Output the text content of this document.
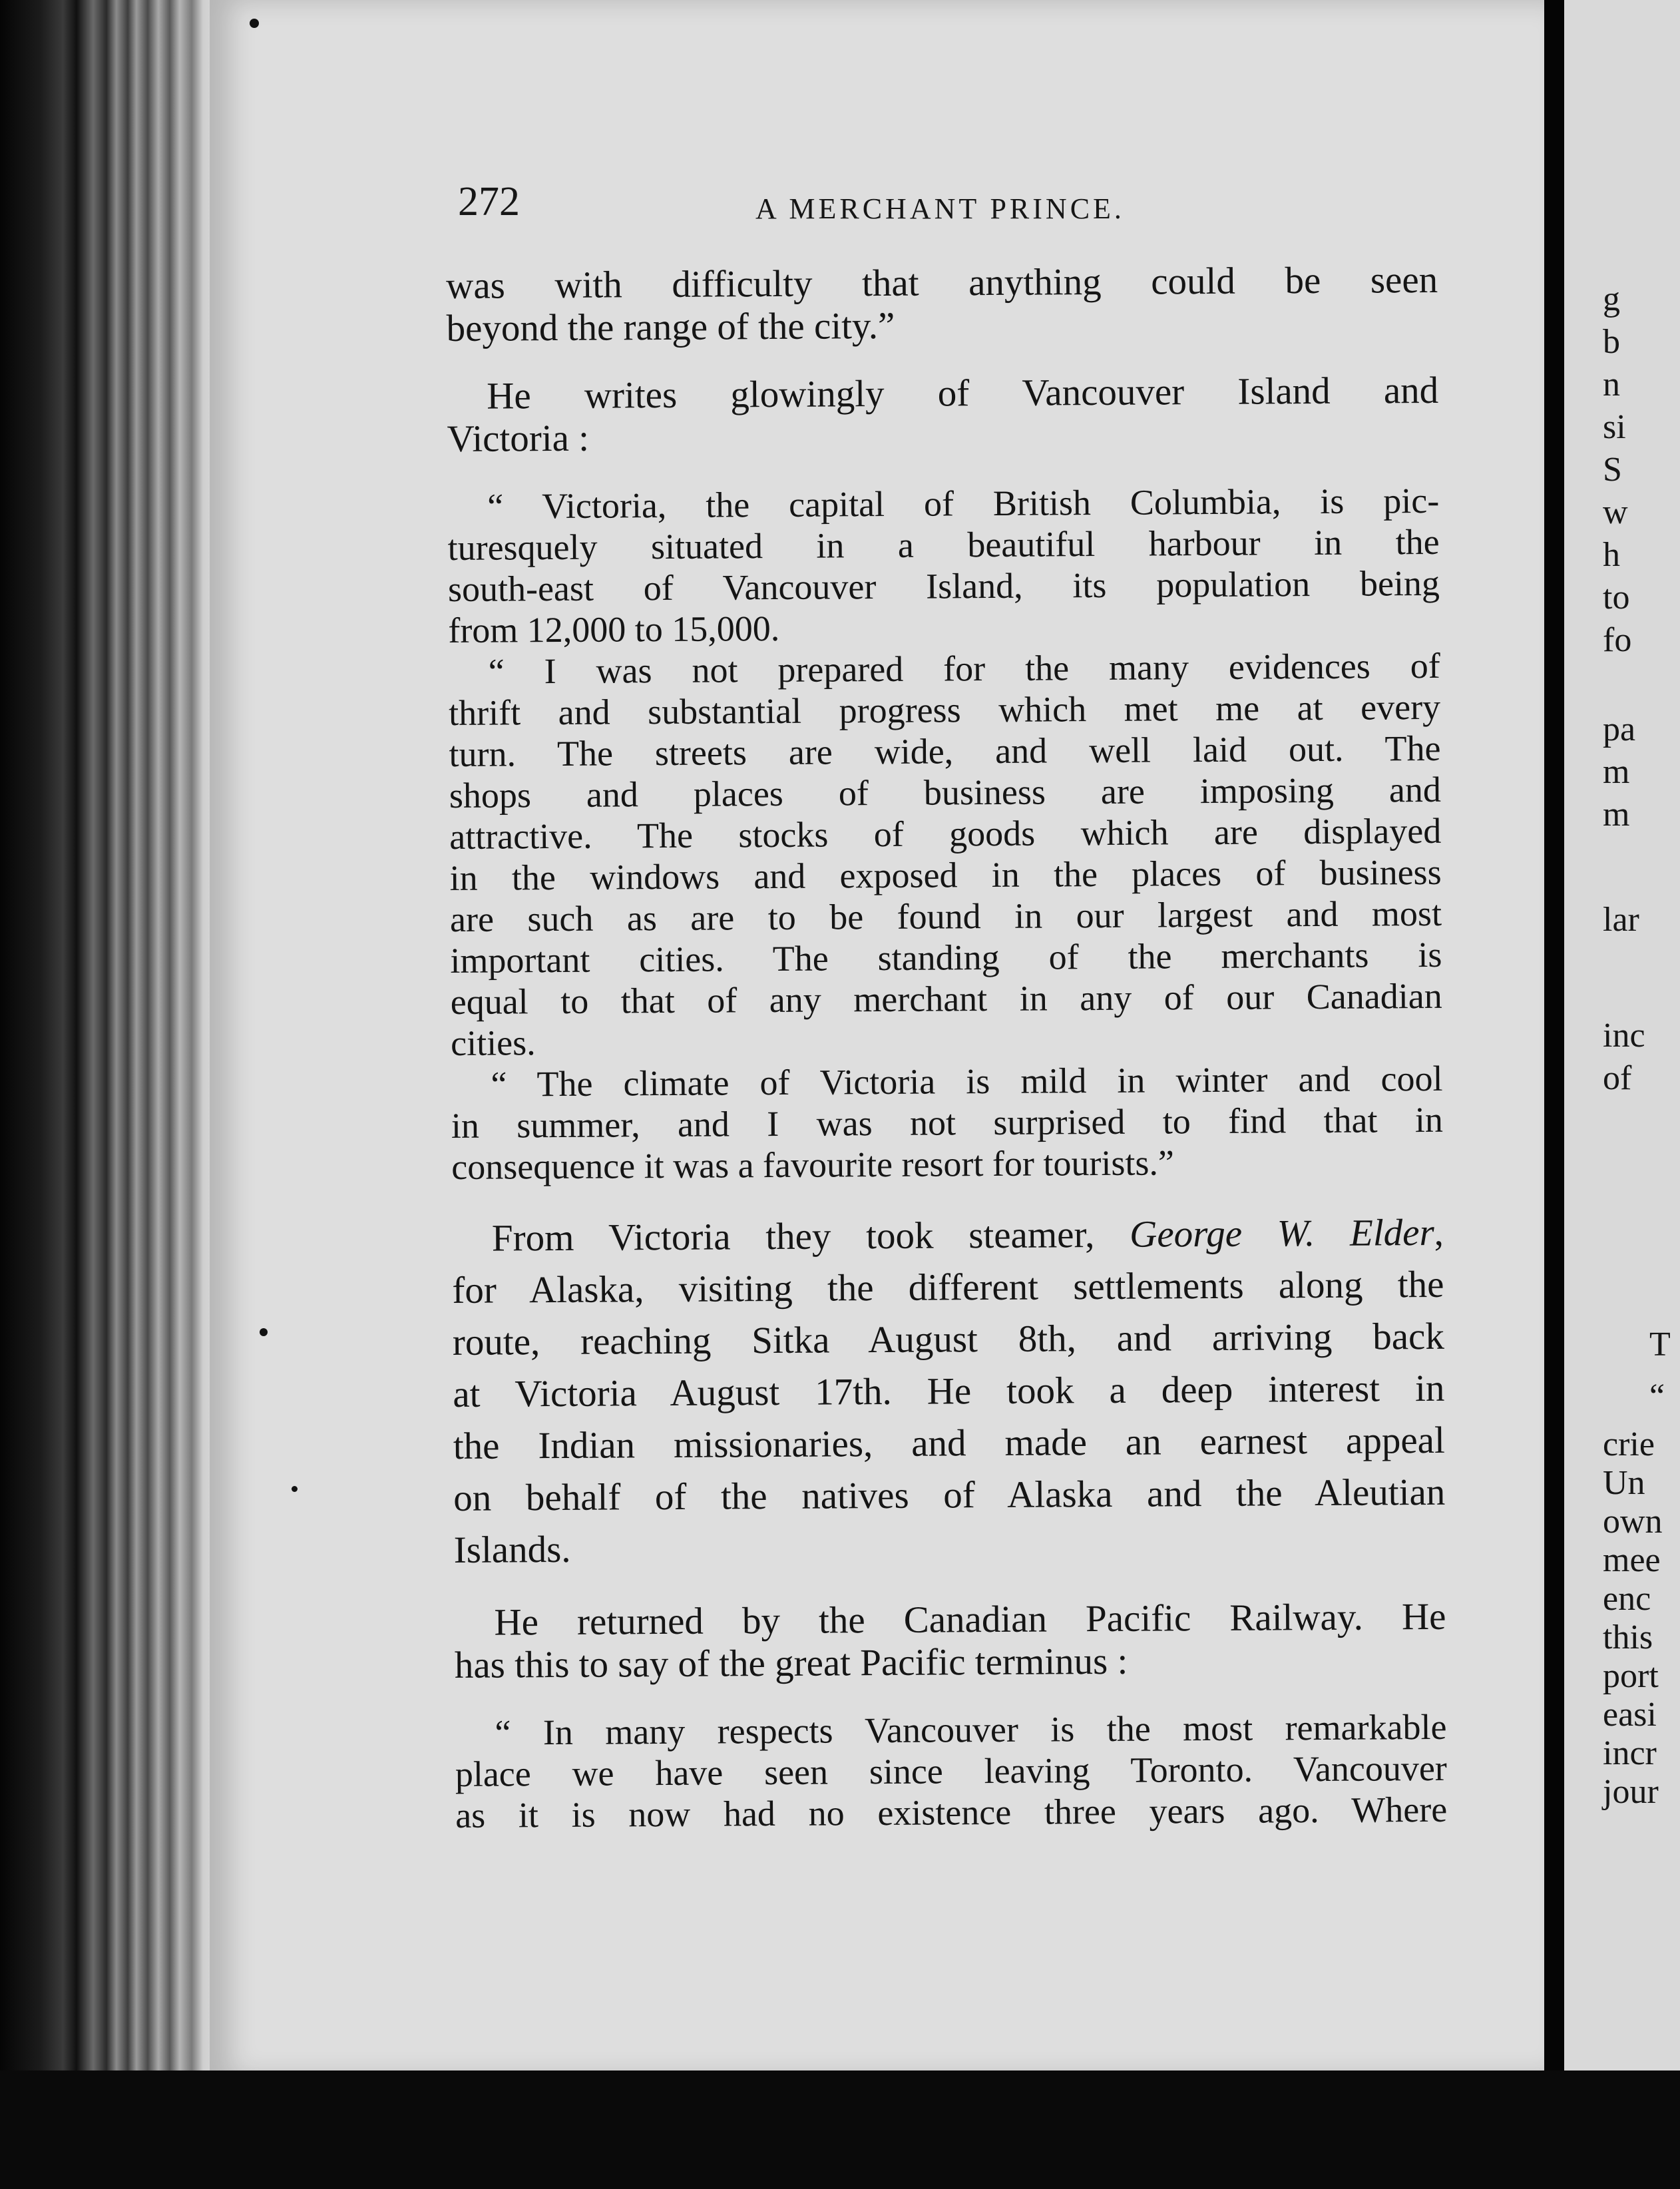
272	A MERCHANT PRINCE.
was with difficulty that anything could be seen
beyond the range of the city.”
He writes glowingly of Vancouver Island and
Victoria :
“ Victoria, the capital of British Columbia, is pic-
turesquely situated in a beautiful harbour in the
south-east of Vancouver Island, its population being
from 12,000 to 15,000.
“ I was not prepared for the many evidences of
thrift and substantial progress which met me at every
turn. The streets are wide, and well laid out. The
shops and places of business are imposing and
attractive. The stocks of goods which are displayed
in the windows and exposed in the places of business
are such as are to be found in our largest and most
important cities. The standing of the merchants is
equal to that of any merchant in any of our Canadian
cities.
“ The climate of Victoria is mild in winter and cool
in summer, and I was not surprised to find that in
consequence it was a favourite resort for tourists.”
From Victoria they took steamer, George W. Elder,
for Alaska, visiting the different settlements along the
route, reaching Sitka August 8th, and arriving back
at Victoria August 17th. He took a deep interest in
the Indian missionaries, and made an earnest appeal
on behalf of the natives of Alaska and the Aleutian
Islands.
He returned by the Canadian Pacific Railway. He
has this to say of the great Pacific terminus :
“ In many respects Vancouver is the most remarkable
place we have seen since leaving Toronto. Vancouver
as it is now had no existence three years ago. Where
g
b
n
si
S
w
h
to
fo
pa
m
m
lar
inc
of
T
“
crie
Un
own
mee
enc
this
port
easi
incr
jour
